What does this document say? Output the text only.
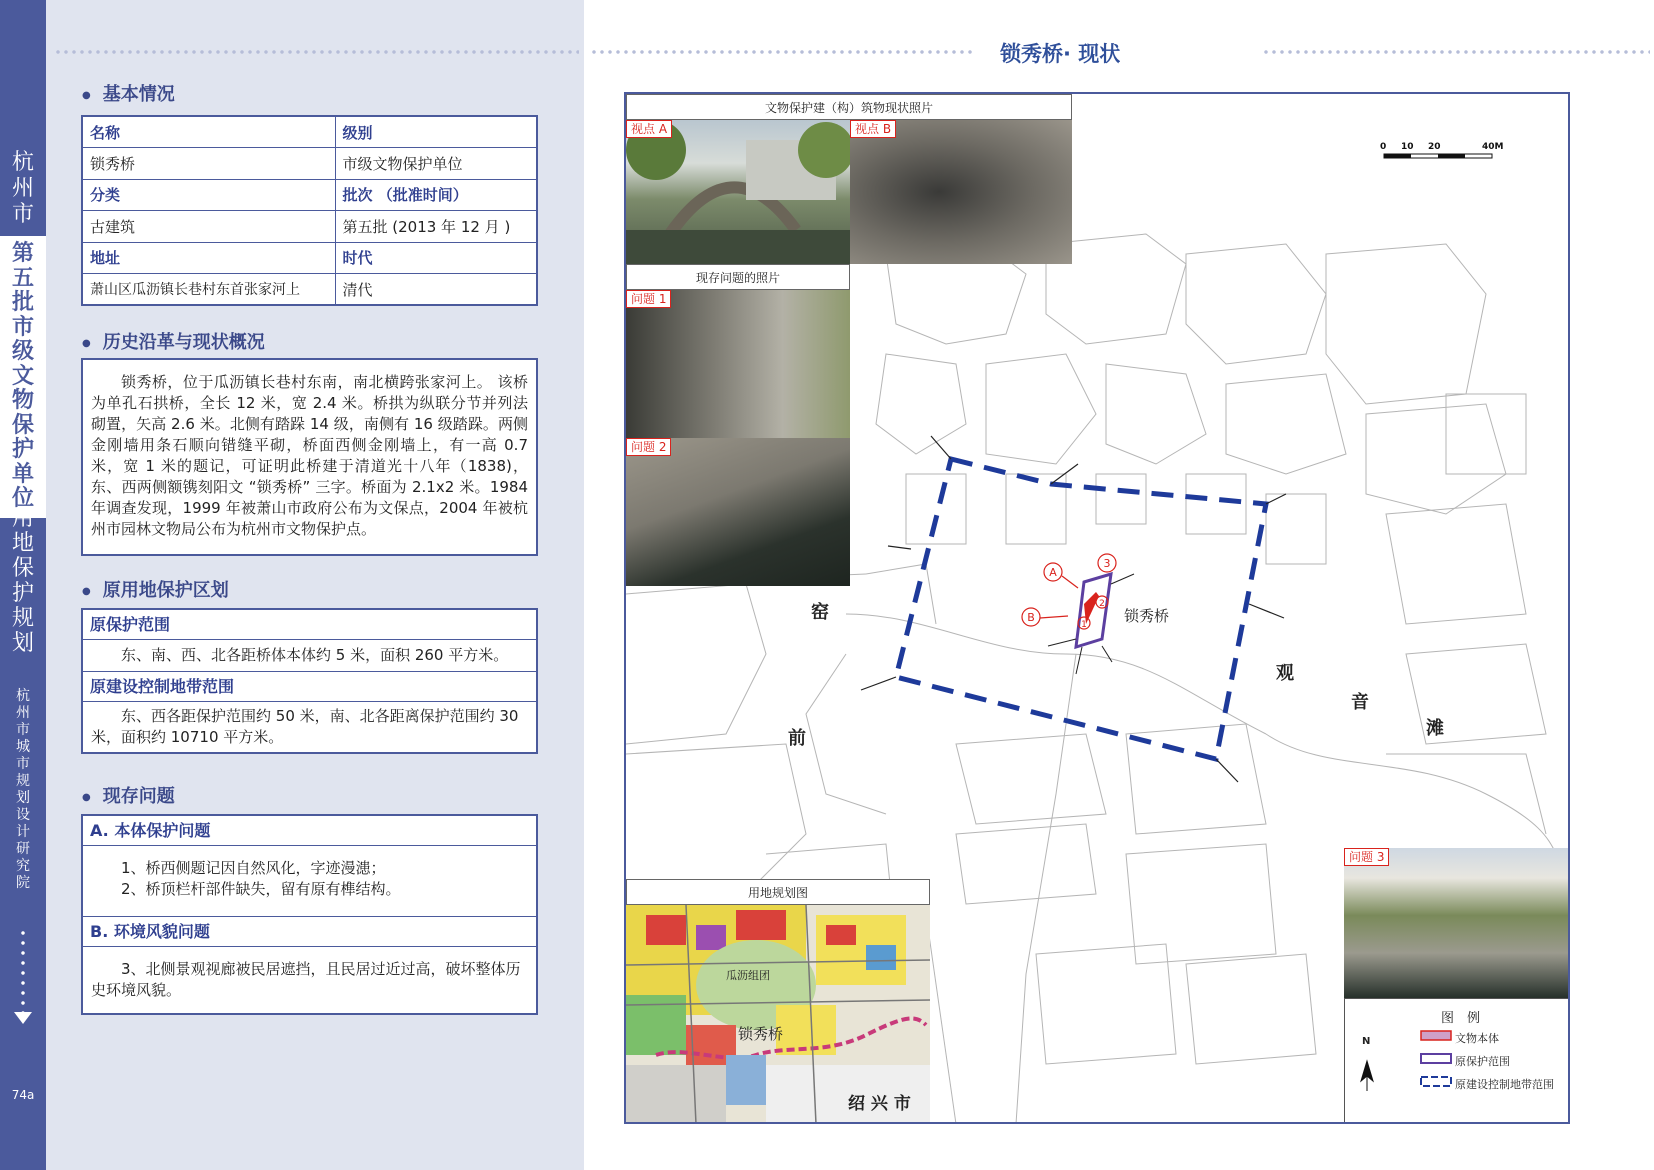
杭
州
市
第
五
批
市
级
文
物
保
护
单
位
用
地
保
护
规
划
杭
州
市
城
市
规
划
设
计
研
究
院
74a
● 基本情况
名称	级别
锁秀桥	市级文物保护单位
分类	批次 （批准时间）
古建筑	第五批 (2013 年 12 月 )
地址	时代
萧山区瓜沥镇长巷村东首张家河上	清代
● 历史沿革与现状概况
锁秀桥，位于瓜沥镇长巷村东南，南北横跨张家河上。 该桥为单孔石拱桥，全长 12 米，宽 2.4 米。桥拱为纵联分节并列法砌置，矢高 2.6 米。北侧有踏跺 14 级，南侧有 16 级踏跺。两侧金刚墙用条石顺向错缝平砌，桥面西侧金刚墙上，有一高 0.7 米，宽 1 米的题记，可证明此桥建于清道光十八年（1838)，东、西两侧额镌刻阳文 “锁秀桥” 三字。桥面为 2.1x2 米。1984 年调查发现，1999 年被萧山市政府公布为文保点，2004 年被杭州市园林文物局公布为杭州市文物保护点。
● 原用地保护区划
原保护范围
东、南、西、北各距桥体本体约 5 米，面积 260 平方米。
原建设控制地带范围
东、西各距保护范围约 50 米，南、北各距离保护范围约 30 米，面积约 10710 平方米。
● 现存问题
A. 本体保护问题
1、桥西侧题记因自然风化，字迹漫漶；
2、桥顶栏杆部件缺失，留有原有榫结构。
B. 环境风貌问题
3、北侧景观视廊被民居遮挡，且民居过近过高，破坏整体历史环境风貌。
锁秀桥· 现状
A
B
3
2
1
窑
前
观
音
滩
锁秀桥
0 10 20	40M
文物保护建（构）筑物现状照片
视点 A	视点 B
现存问题的照片
问题 1
问题 2
用地规划图
瓜沥组团
锁秀桥
绍 兴 市
问题 3
图　例
N	文物本体
原保护范围
原建设控制地带范围
